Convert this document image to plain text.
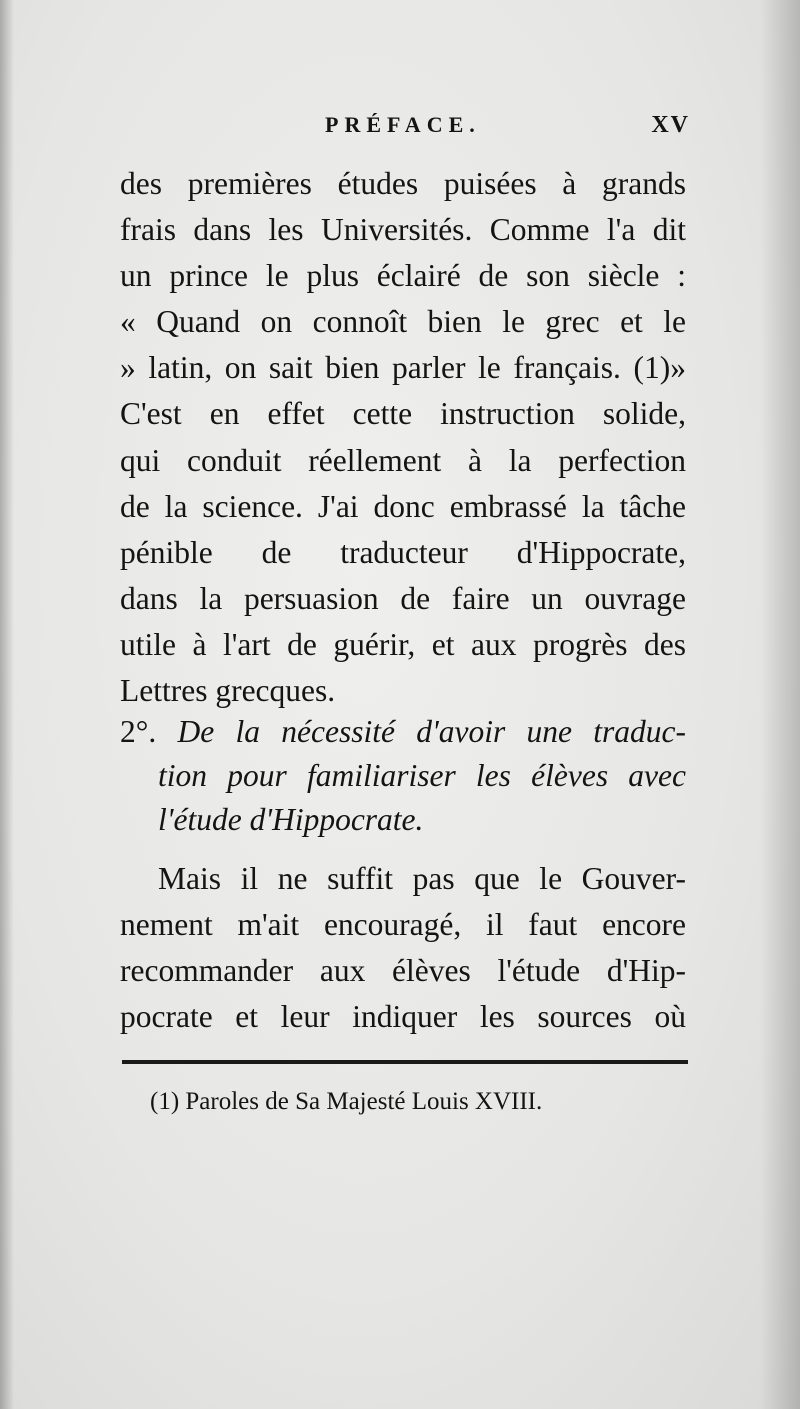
PRÉFACE.	XV
des premières études puisées à grands
frais dans les Universités. Comme l'a dit
un prince le plus éclairé de son siècle :
« Quand on connoît bien le grec et le
» latin, on sait bien parler le français. (1)»
C'est en effet cette instruction solide,
qui conduit réellement à la perfection
de la science. J'ai donc embrassé la tâche
pénible de traducteur d'Hippocrate,
dans la persuasion de faire un ouvrage
utile à l'art de guérir, et aux progrès des
Lettres grecques.
2°. De la nécessité d'avoir une traduc-
tion pour familiariser les élèves avec
l'étude d'Hippocrate.
Mais il ne suffit pas que le Gouver-
nement m'ait encouragé, il faut encore
recommander aux élèves l'étude d'Hip-
pocrate et leur indiquer les sources où
(1) Paroles de Sa Majesté Louis XVIII.
